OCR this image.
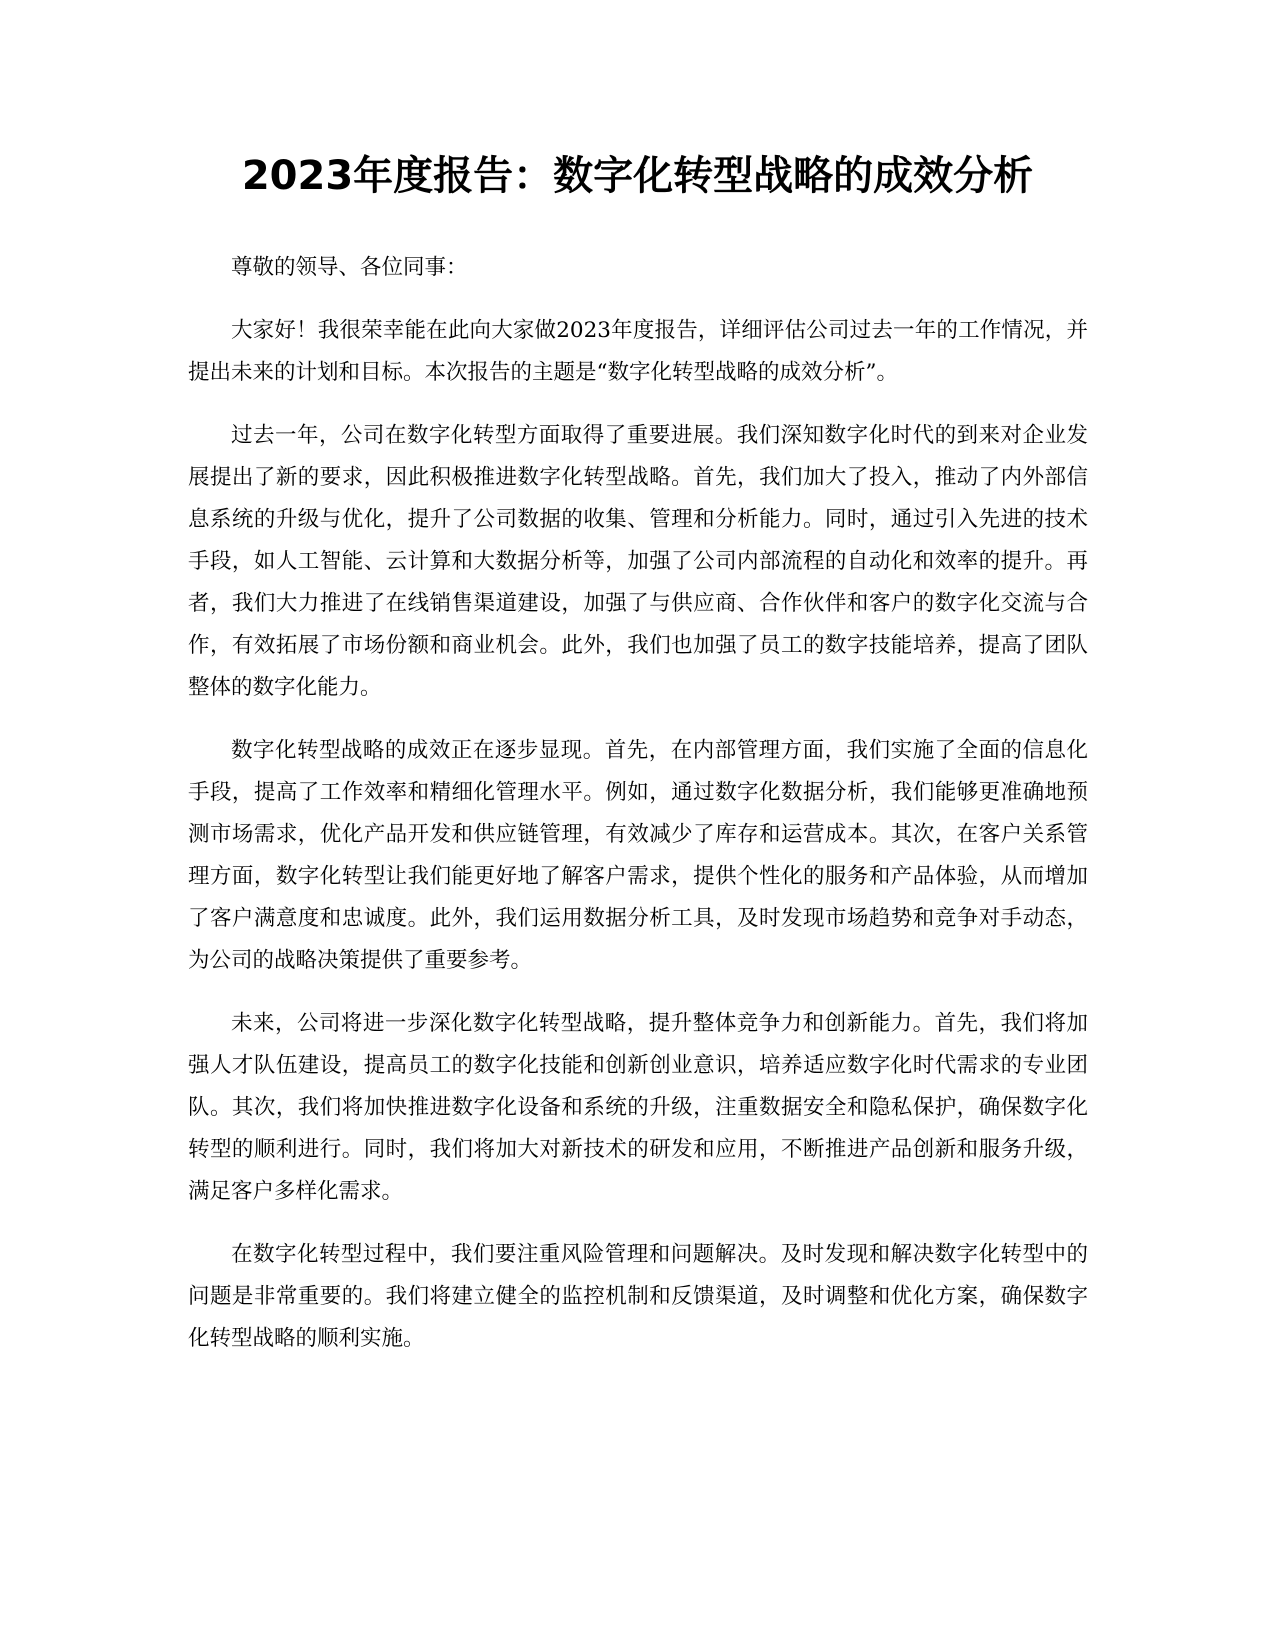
2023年度报告：数字化转型战略的成效分析

尊敬的领导、各位同事：

大家好！我很荣幸能在此向大家做2023年度报告，详细评估公司过去一年的工作情况，并提出未来的计划和目标。本次报告的主题是“数字化转型战略的成效分析”。

过去一年，公司在数字化转型方面取得了重要进展。我们深知数字化时代的到来对企业发展提出了新的要求，因此积极推进数字化转型战略。首先，我们加大了投入，推动了内外部信息系统的升级与优化，提升了公司数据的收集、管理和分析能力。同时，通过引入先进的技术手段，如人工智能、云计算和大数据分析等，加强了公司内部流程的自动化和效率的提升。再者，我们大力推进了在线销售渠道建设，加强了与供应商、合作伙伴和客户的数字化交流与合作，有效拓展了市场份额和商业机会。此外，我们也加强了员工的数字技能培养，提高了团队整体的数字化能力。

数字化转型战略的成效正在逐步显现。首先，在内部管理方面，我们实施了全面的信息化手段，提高了工作效率和精细化管理水平。例如，通过数字化数据分析，我们能够更准确地预测市场需求，优化产品开发和供应链管理，有效减少了库存和运营成本。其次，在客户关系管理方面，数字化转型让我们能更好地了解客户需求，提供个性化的服务和产品体验，从而增加了客户满意度和忠诚度。此外，我们运用数据分析工具，及时发现市场趋势和竞争对手动态，为公司的战略决策提供了重要参考。

未来，公司将进一步深化数字化转型战略，提升整体竞争力和创新能力。首先，我们将加强人才队伍建设，提高员工的数字化技能和创新创业意识，培养适应数字化时代需求的专业团队。其次，我们将加快推进数字化设备和系统的升级，注重数据安全和隐私保护，确保数字化转型的顺利进行。同时，我们将加大对新技术的研发和应用，不断推进产品创新和服务升级，满足客户多样化需求。

在数字化转型过程中，我们要注重风险管理和问题解决。及时发现和解决数字化转型中的问题是非常重要的。我们将建立健全的监控机制和反馈渠道，及时调整和优化方案，确保数字化转型战略的顺利实施。
